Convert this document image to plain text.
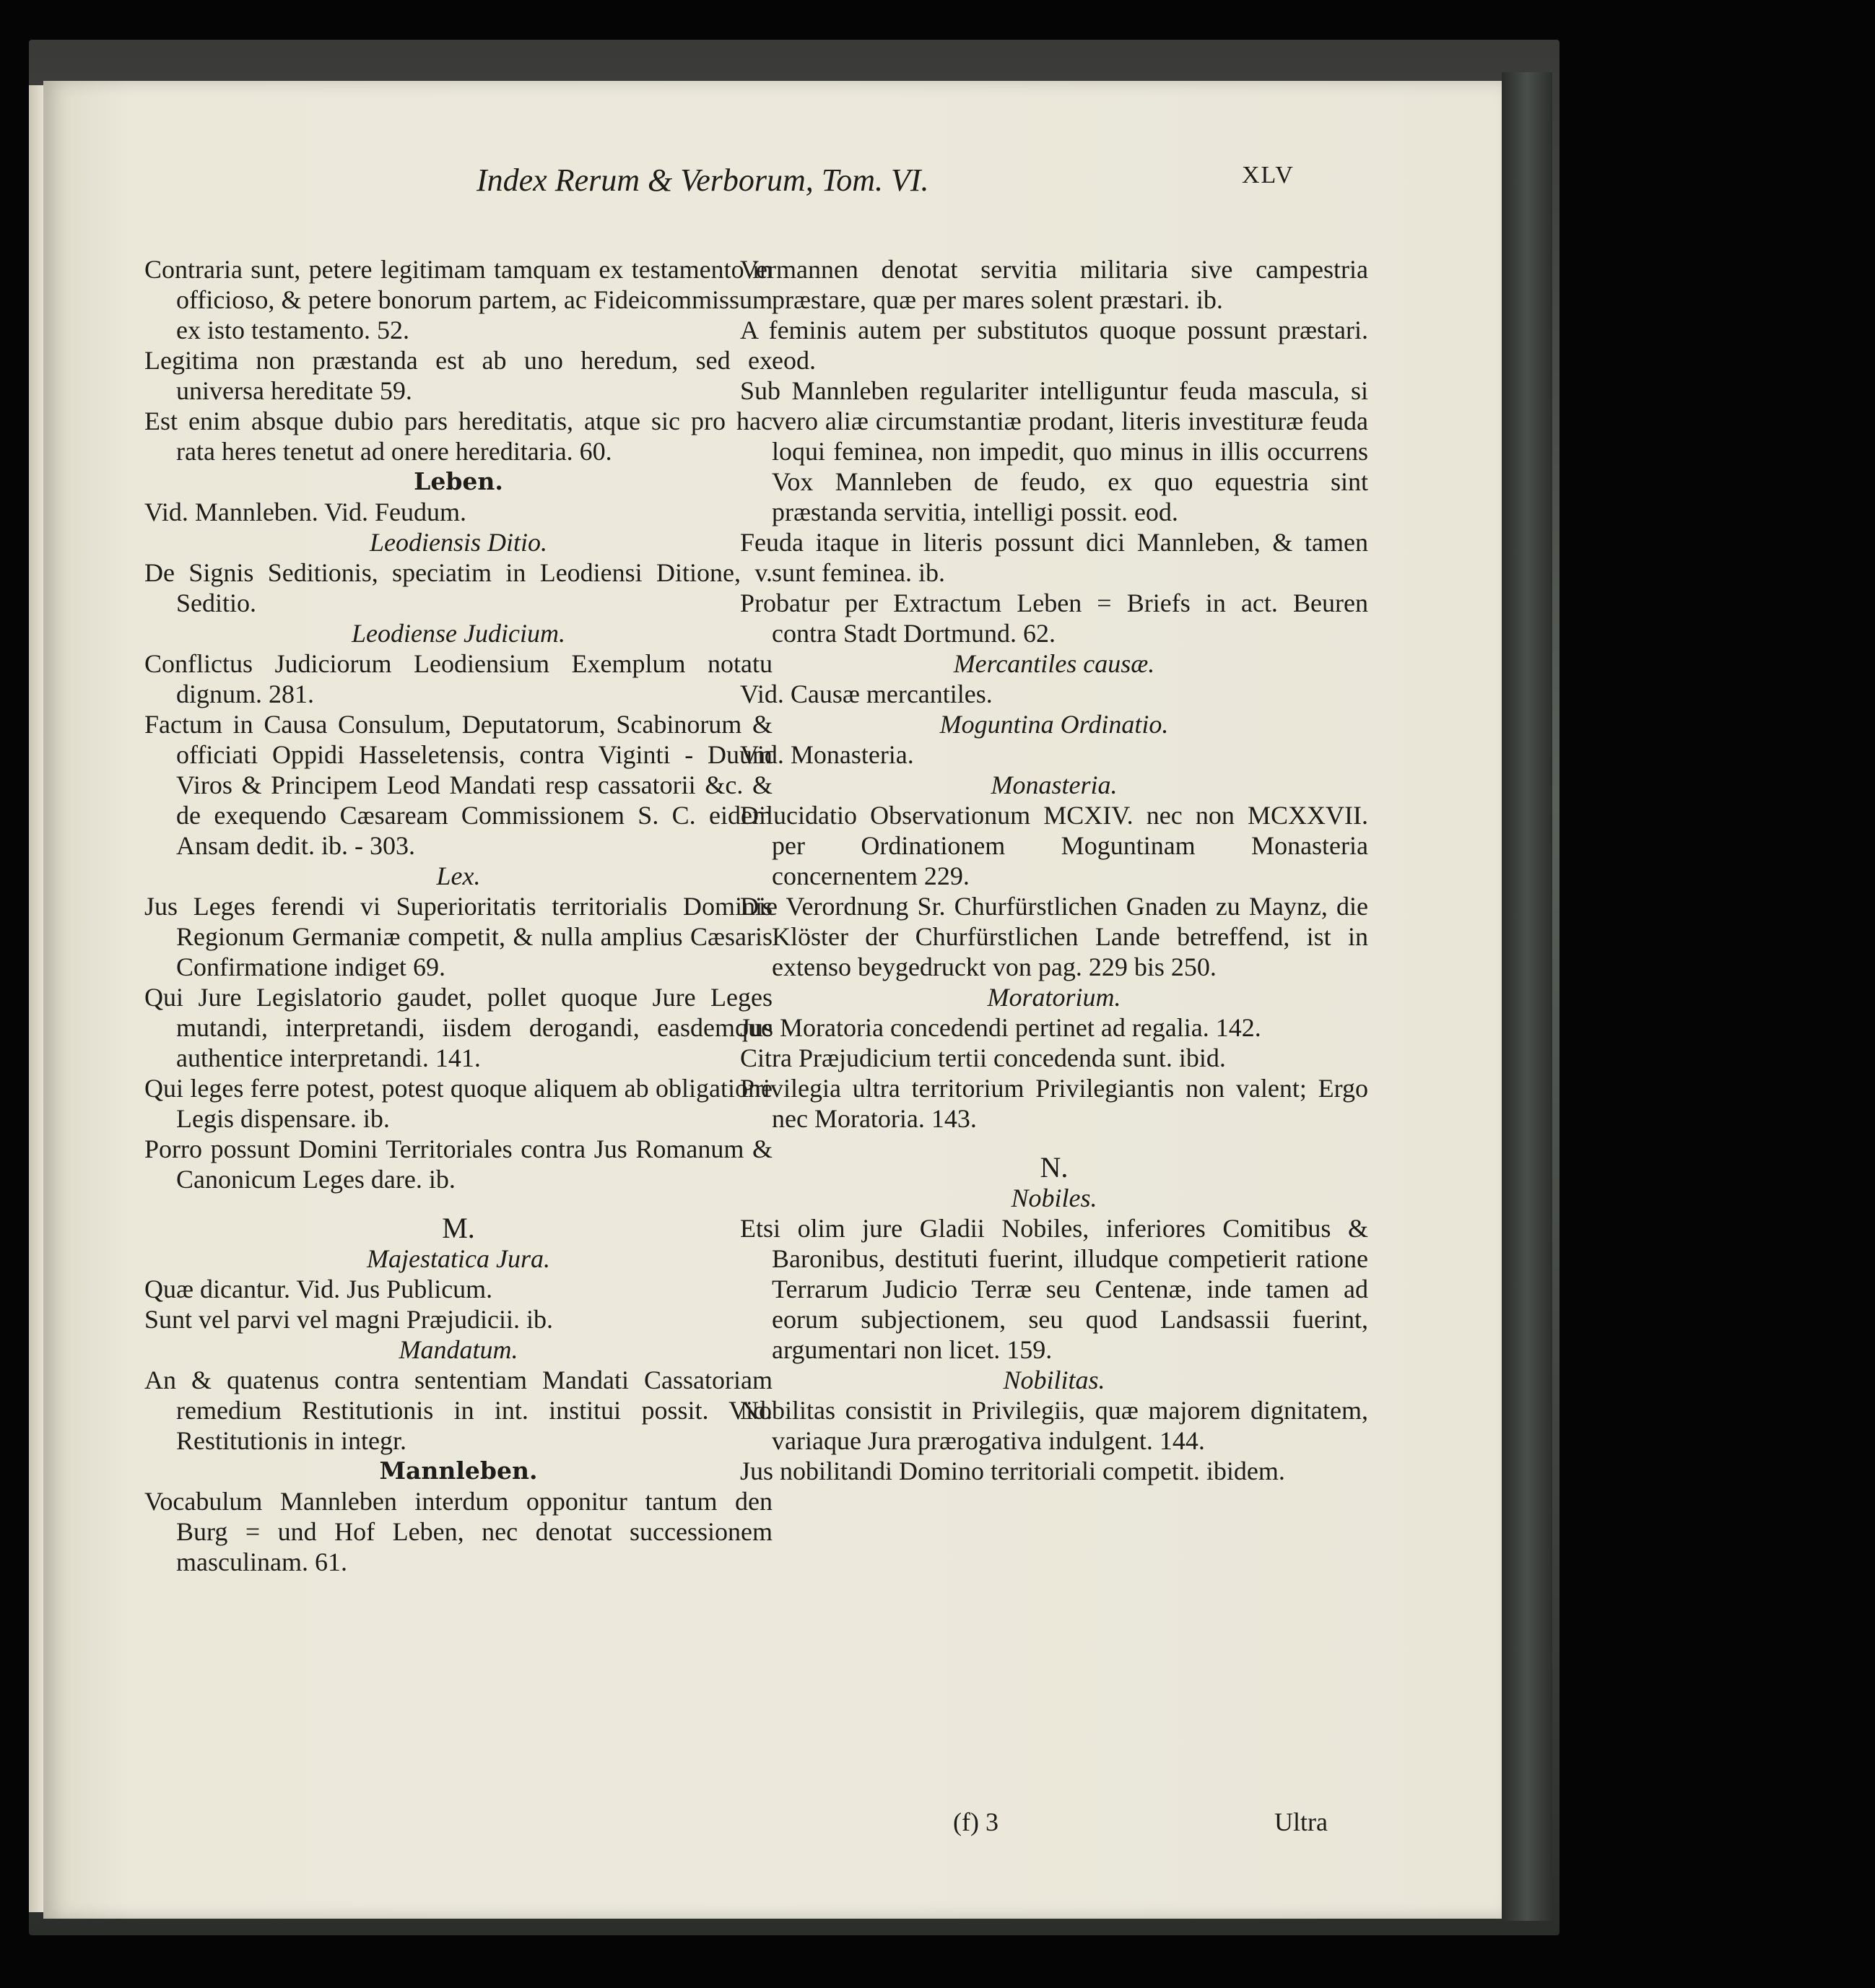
Index Rerum & Verborum, Tom. VI.	XLV

Contraria sunt, petere legitimam tamquam ex testamento in officioso, & petere bonorum partem, ac Fideicommissum ex isto testamento. 52.

Legitima non præstanda est ab uno heredum, sed ex universa hereditate 59.

Est enim absque dubio pars hereditatis, atque sic pro hac rata heres tenetut ad onere hereditaria. 60.

Leben.

Vid. Mannleben. Vid. Feudum.

Leodiensis Ditio.

De Signis Seditionis, speciatim in Leodiensi Ditione, v. Seditio.

Leodiense Judicium.

Conflictus Judiciorum Leodiensium Exemplum notatu dignum. 281.

Factum in Causa Consulum, Deputatorum, Scabinorum & officiati Oppidi Hasseletensis, contra Viginti - Duum Viros & Principem Leod Mandati resp cassatorii &c. & de exequendo Cæsaream Commissionem S. C. eidem Ansam dedit. ib. - 303.

Lex.

Jus Leges ferendi vi Superioritatis territorialis Dominis Regionum Germaniæ competit, & nulla amplius Cæsaris Confirmatione indiget 69.

Qui Jure Legislatorio gaudet, pollet quoque Jure Leges mutandi, interpretandi, iisdem derogandi, easdemque authentice interpretandi. 141.

Qui leges ferre potest, potest quoque aliquem ab obligatione Legis dispensare. ib.

Porro possunt Domini Territoriales contra Jus Romanum & Canonicum Leges dare. ib.

M.

Majestatica Jura.

Quæ dicantur. Vid. Jus Publicum.

Sunt vel parvi vel magni Præjudicii. ib.

Mandatum.

An & quatenus contra sententiam Mandati Cassatoriam remedium Restitutionis in int. institui possit. Vid. Restitutionis in integr.

Mannleben.

Vocabulum Mannleben interdum opponitur tantum den Burg = und Hof Leben, nec denotat successionem masculinam. 61.

Vermannen denotat servitia militaria sive campestria præstare, quæ per mares solent præstari. ib.

A feminis autem per substitutos quoque possunt præstari. eod.

Sub Mannleben regulariter intelliguntur feuda mascula, si vero aliæ circumstantiæ prodant, literis investituræ feuda loqui feminea, non impedit, quo minus in illis occurrens Vox Mannleben de feudo, ex quo equestria sint præstanda servitia, intelligi possit. eod.

Feuda itaque in literis possunt dici Mannleben, & tamen sunt feminea. ib.

Probatur per Extractum Leben = Briefs in act. Beuren contra Stadt Dortmund. 62.

Mercantiles causæ.

Vid. Causæ mercantiles.

Moguntina Ordinatio.

Vid. Monasteria.

Monasteria.

Dilucidatio Observationum MCXIV. nec non MCXXVII. per Ordinationem Moguntinam Monasteria concernentem 229.

Die Verordnung Sr. Churfürstlichen Gnaden zu Maynz, die Klöster der Churfürstlichen Lande betreffend, ist in extenso beygedruckt von pag. 229 bis 250.

Moratorium.

Jus Moratoria concedendi pertinet ad regalia. 142.

Citra Præjudicium tertii concedenda sunt. ibid.

Privilegia ultra territorium Privilegiantis non valent; Ergo nec Moratoria. 143.

N.

Nobiles.

Etsi olim jure Gladii Nobiles, inferiores Comitibus & Baronibus, destituti fuerint, illudque competierit ratione Terrarum Judicio Terræ seu Centenæ, inde tamen ad eorum subjectionem, seu quod Landsassii fuerint, argumentari non licet. 159.

Nobilitas.

Nobilitas consistit in Privilegiis, quæ majorem dignitatem, variaque Jura prærogativa indulgent. 144.

Jus nobilitandi Domino territoriali competit. ibidem.

(f) 3	Ultra
